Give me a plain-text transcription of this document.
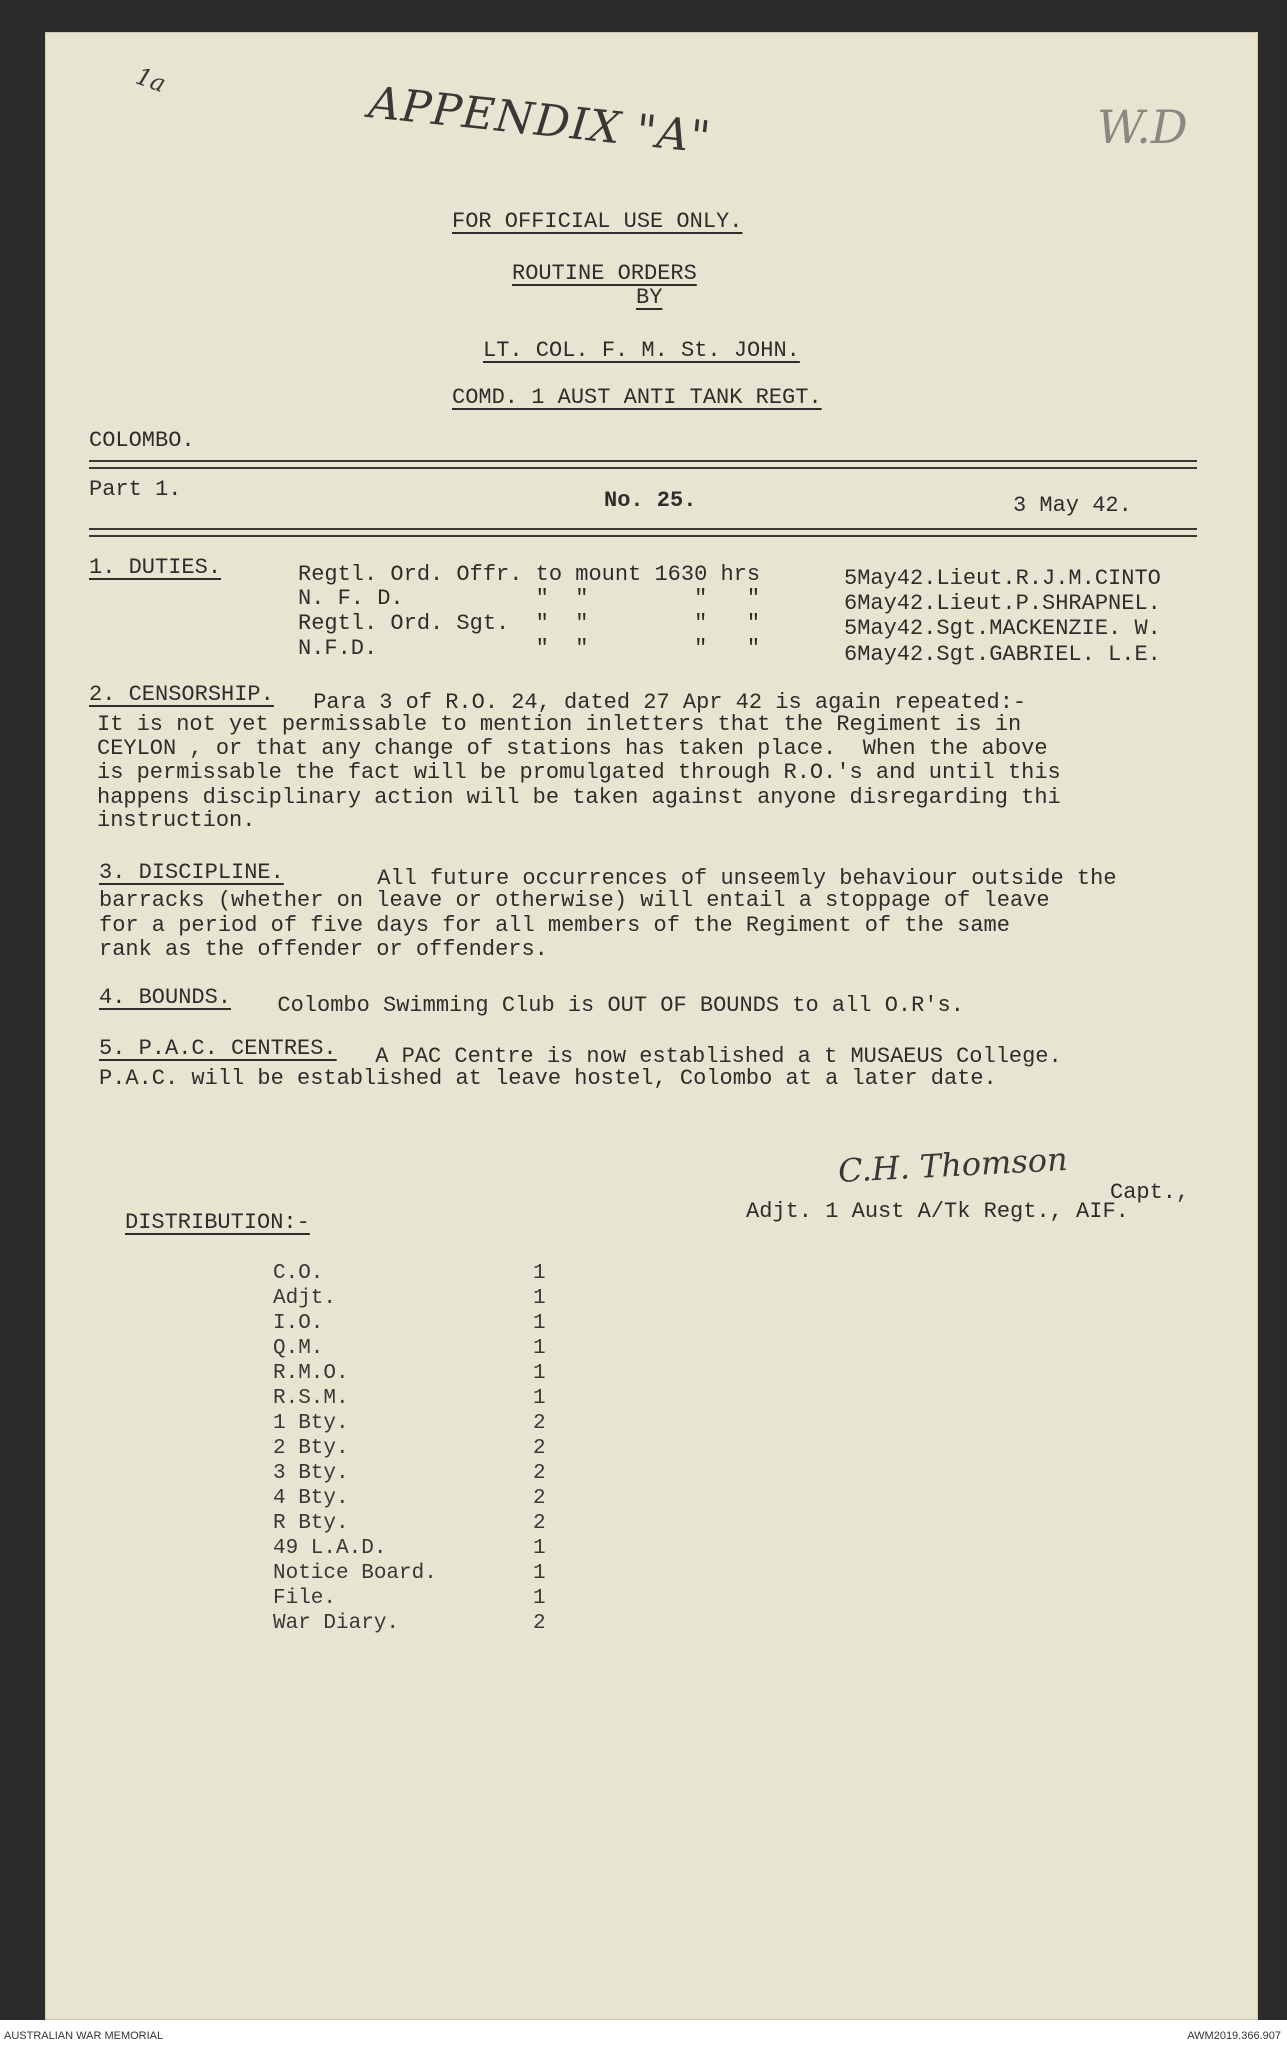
1a	APPENDIX "A"	W.D
FOR OFFICIAL USE ONLY.
ROUTINE ORDERS
BY
LT. COL. F. M. St. JOHN.
COMD. 1 AUST ANTI TANK REGT.
COLOMBO.
Part 1.	No. 25.	3 May 42.
1. DUTIES.	Regtl. Ord. Offr. to mount 1630 hrs	5May42.Lieut.R.J.M.CINTO
N. F. D.          "  "        "   "	6May42.Lieut.P.SHRAPNEL.
Regtl. Ord. Sgt.  "  "        "   "	5May42.Sgt.MACKENZIE. W.
N.F.D.            "  "        "   "	6May42.Sgt.GABRIEL. L.E.
2. CENSORSHIP. Para 3 of R.O. 24, dated 27 Apr 42 is again repeated:-
It is not yet permissable to mention inletters that the Regiment is in
CEYLON , or that any change of stations has taken place.  When the above
is permissable the fact will be promulgated through R.O.'s and until this
happens disciplinary action will be taken against anyone disregarding thi
instruction.
3. DISCIPLINE.	All future occurrences of unseemly behaviour outside the
barracks (whether on leave or otherwise) will entail a stoppage of leave
for a period of five days for all members of the Regiment of the same
rank as the offender or offenders.
4. BOUNDS. Colombo Swimming Club is OUT OF BOUNDS to all O.R's.
5. P.A.C. CENTRES. A PAC Centre is now established a t MUSAEUS College.
P.A.C. will be established at leave hostel, Colombo at a later date.
C.H. Thomson
Capt.,
Adjt. 1 Aust A/Tk Regt., AIF.
DISTRIBUTION:-
C.O.	1
Adjt.	1
I.O.	1
Q.M.	1
R.M.O.	1
R.S.M.	1
1 Bty.	2
2 Bty.	2
3 Bty.	2
4 Bty.	2
R Bty.	2
49 L.A.D.	1
Notice Board.	1
File.	1
War Diary.	2
AUSTRALIAN WAR MEMORIAL	AWM2019.366.907
